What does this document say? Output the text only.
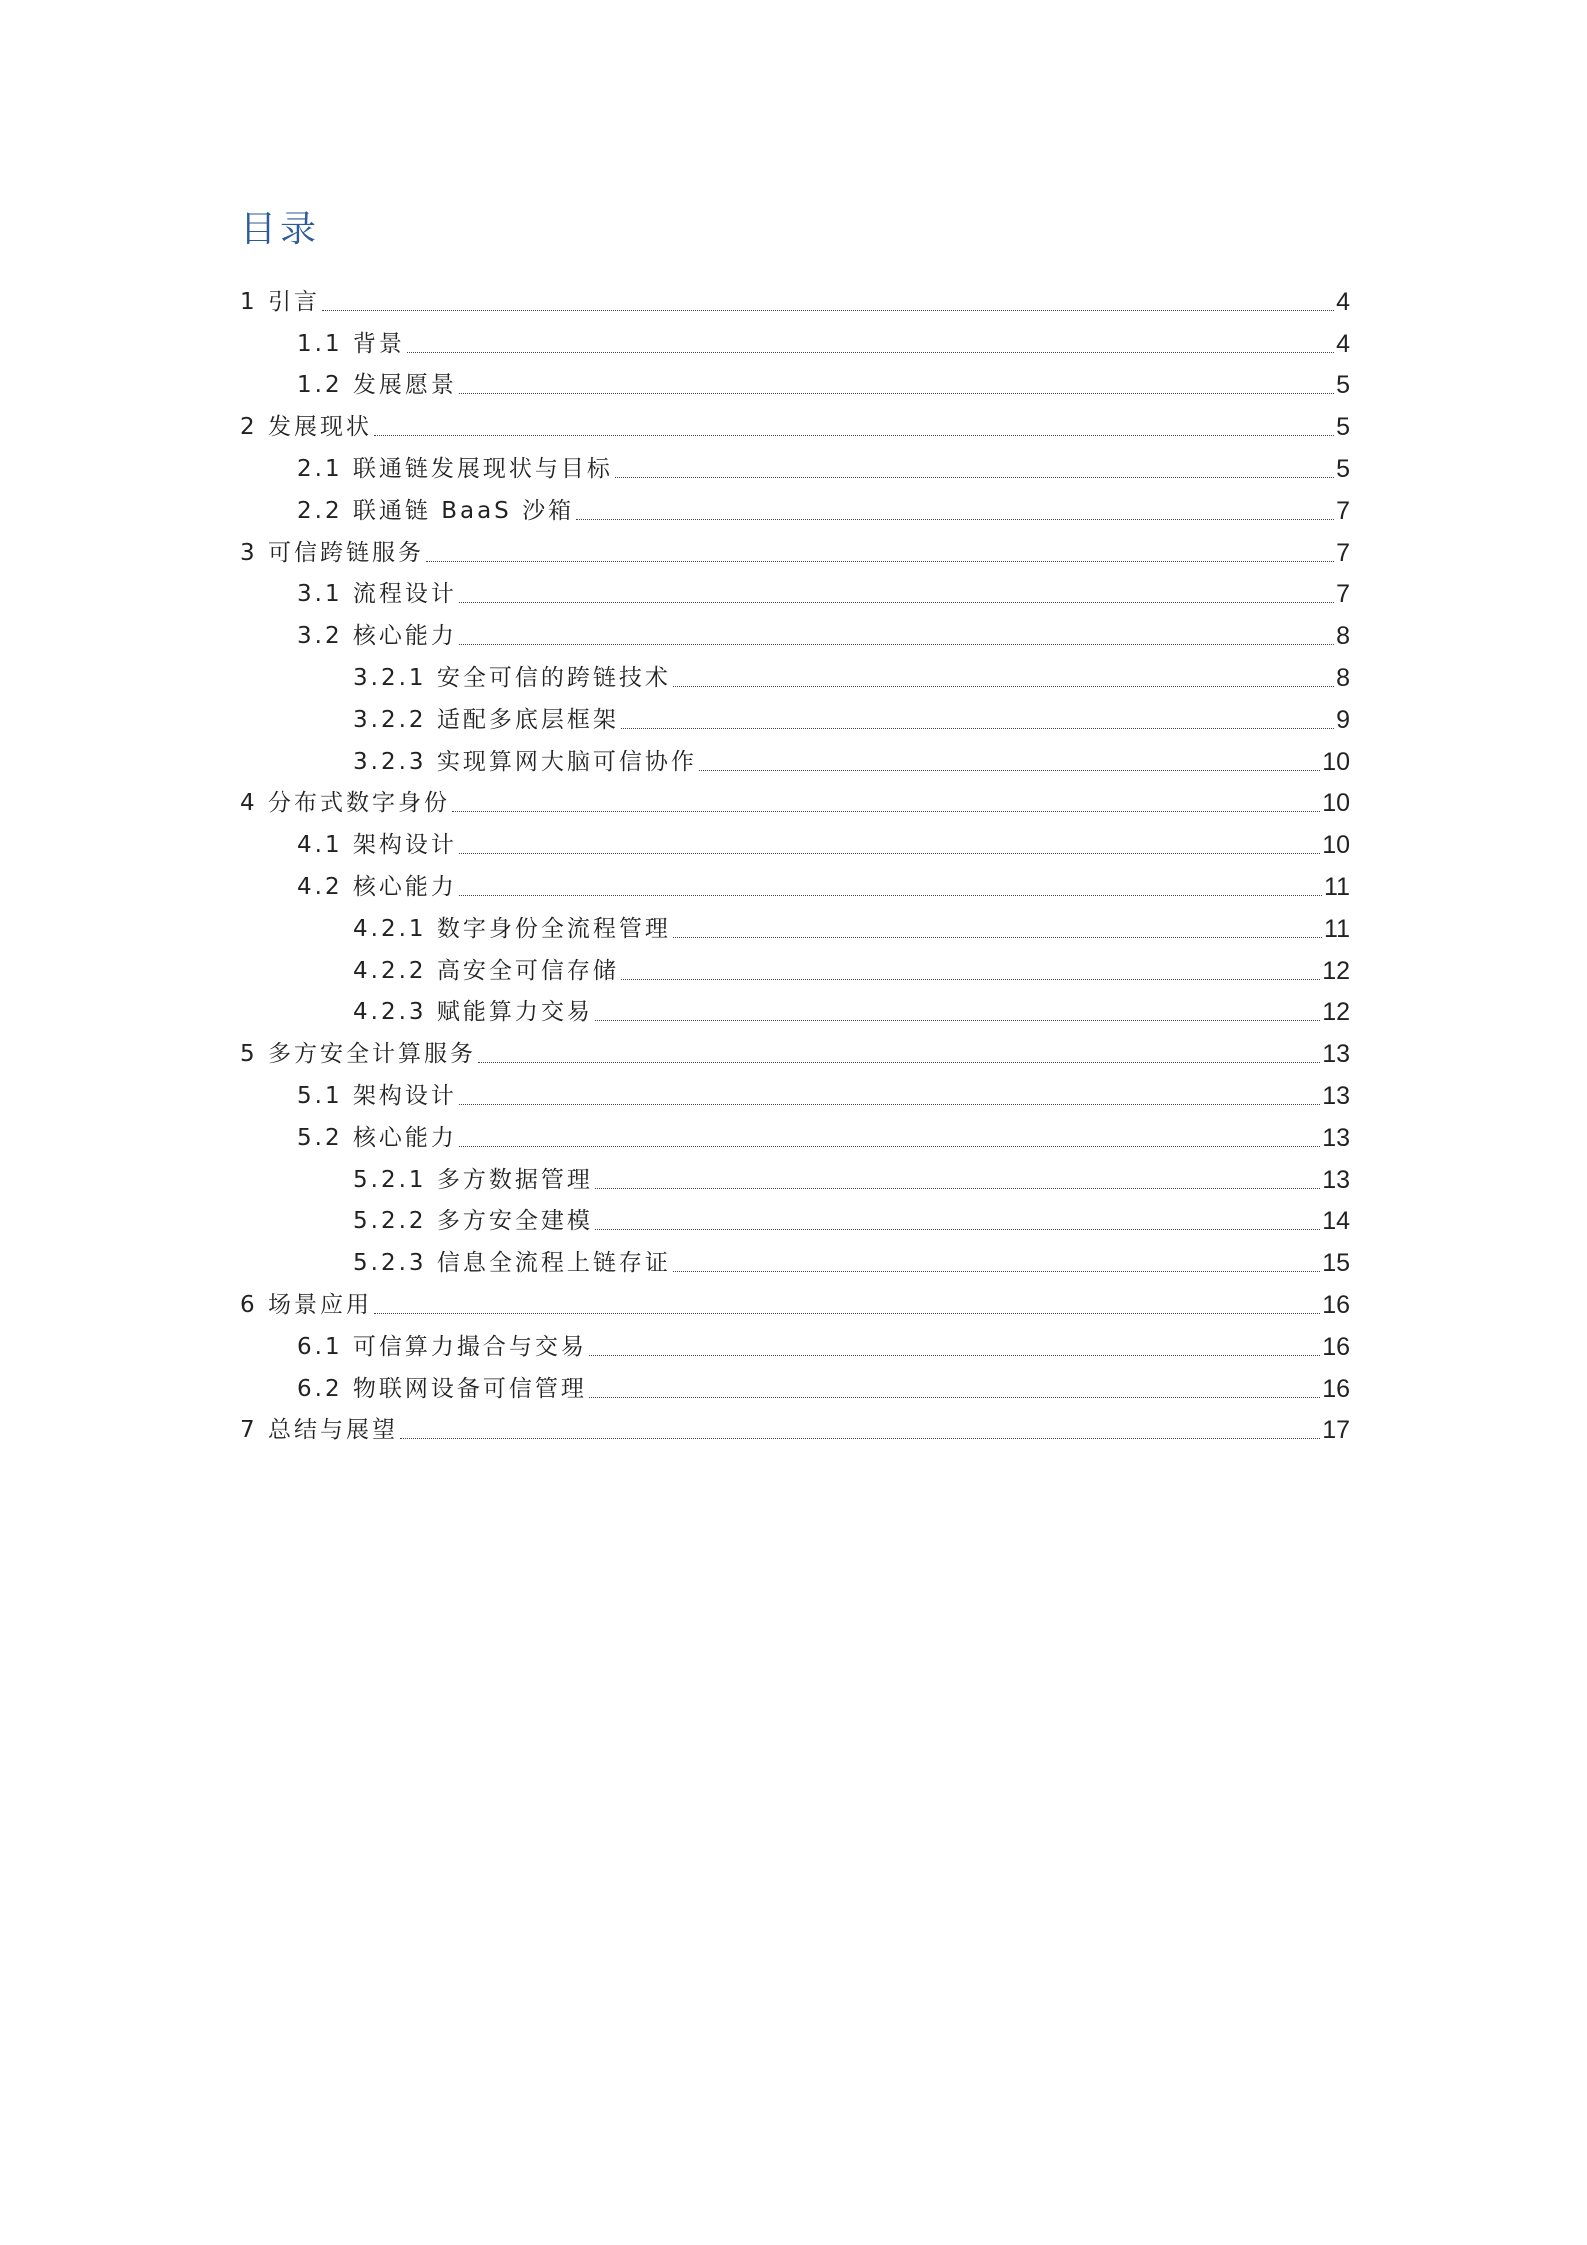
目录
1 引言	4
1.1 背景	4
1.2 发展愿景	5
2 发展现状	5
2.1 联通链发展现状与目标	5
2.2 联通链 BaaS 沙箱	7
3 可信跨链服务	7
3.1 流程设计	7
3.2 核心能力	8
3.2.1 安全可信的跨链技术	8
3.2.2 适配多底层框架	9
3.2.3 实现算网大脑可信协作	10
4 分布式数字身份	10
4.1 架构设计	10
4.2 核心能力	11
4.2.1 数字身份全流程管理	11
4.2.2 高安全可信存储	12
4.2.3 赋能算力交易	12
5 多方安全计算服务	13
5.1 架构设计	13
5.2 核心能力	13
5.2.1 多方数据管理	13
5.2.2 多方安全建模	14
5.2.3 信息全流程上链存证	15
6 场景应用	16
6.1 可信算力撮合与交易	16
6.2 物联网设备可信管理	16
7 总结与展望	17
